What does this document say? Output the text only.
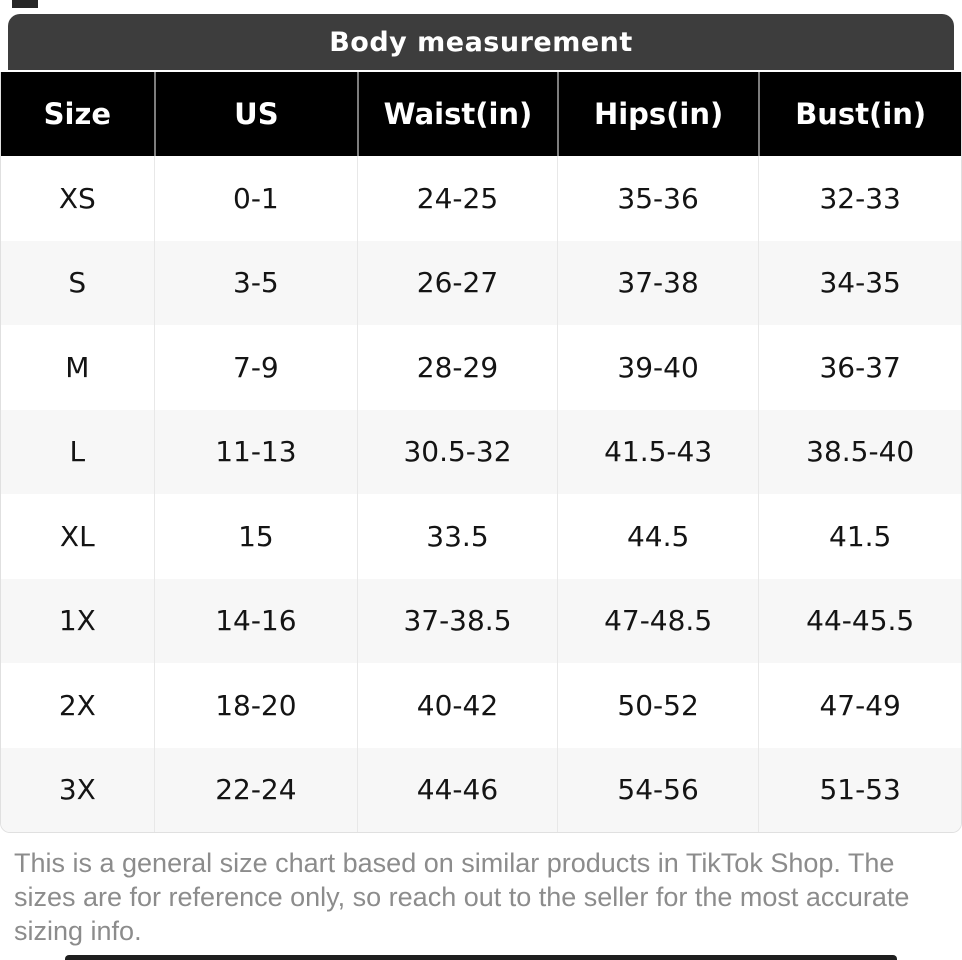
Body measurement
Size	US	Waist(in)	Hips(in)	Bust(in)
XS	0-1	24-25	35-36	32-33
S	3-5	26-27	37-38	34-35
M	7-9	28-29	39-40	36-37
L	11-13	30.5-32	41.5-43	38.5-40
XL	15	33.5	44.5	41.5
1X	14-16	37-38.5	47-48.5	44-45.5
2X	18-20	40-42	50-52	47-49
3X	22-24	44-46	54-56	51-53

This is a general size chart based on similar products in TikTok Shop. The sizes are for reference only, so reach out to the seller for the most accurate sizing info.
